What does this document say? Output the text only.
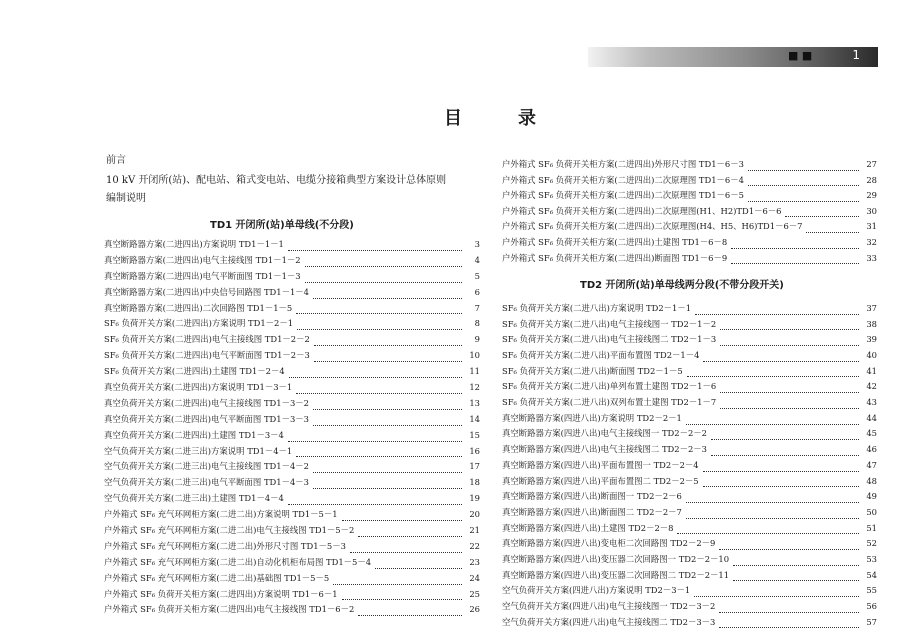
■ ■	1
目	录
前言
10 kV 开闭所(站)、配电站、箱式变电站、电缆分接箱典型方案设计总体原则
编制说明
TD1 开闭所(站)单母线(不分段)
TD2 开闭所(站)单母线两分段(不带分段开关)
真空断路器方案(二进四出)方案说明 TD1－1－1	3
真空断路器方案(二进四出)电气主接线图 TD1－1－2	4
真空断路器方案(二进四出)电气平断面图 TD1－1－3	5
真空断路器方案(二进四出)中央信号回路图 TD1－1－4	6
真空断路器方案(二进四出)二次回路图 TD1－1－5	7
SF₆ 负荷开关方案(二进四出)方案说明 TD1－2－1	8
SF₆ 负荷开关方案(二进四出)电气主接线图 TD1－2－2	9
SF₆ 负荷开关方案(二进四出)电气平断面图 TD1－2－3	10
SF₆ 负荷开关方案(二进四出)土建图 TD1－2－4	11
真空负荷开关方案(二进四出)方案说明 TD1－3－1	12
真空负荷开关方案(二进四出)电气主接线图 TD1－3－2	13
真空负荷开关方案(二进四出)电气平断面图 TD1－3－3	14
真空负荷开关方案(二进四出)土建图 TD1－3－4	15
空气负荷开关方案(二进三出)方案说明 TD1－4－1	16
空气负荷开关方案(二进三出)电气主接线图 TD1－4－2	17
空气负荷开关方案(二进三出)电气平断面图 TD1－4－3	18
空气负荷开关方案(二进三出)土建图 TD1－4－4	19
户外箱式 SF₆ 充气环网柜方案(二进二出)方案说明 TD1－5－1	20
户外箱式 SF₆ 充气环网柜方案(二进二出)电气主接线图 TD1－5－2	21
户外箱式 SF₆ 充气环网柜方案(二进二出)外形尺寸图 TD1－5－3	22
户外箱式 SF₆ 充气环网柜方案(二进二出)自动化机柜布局图 TD1－5－4	23
户外箱式 SF₆ 充气环网柜方案(二进二出)基础图 TD1－5－5	24
户外箱式 SF₆ 负荷开关柜方案(二进四出)方案说明 TD1－6－1	25
户外箱式 SF₆ 负荷开关柜方案(二进四出)电气主接线图 TD1－6－2	26
户外箱式 SF₆ 负荷开关柜方案(二进四出)外形尺寸图 TD1－6－3	27
户外箱式 SF₆ 负荷开关柜方案(二进四出)二次原理图 TD1－6－4	28
户外箱式 SF₆ 负荷开关柜方案(二进四出)二次原理图 TD1－6－5	29
户外箱式 SF₆ 负荷开关柜方案(二进四出)二次原理图(H1、H2)TD1－6－6	30
户外箱式 SF₆ 负荷开关柜方案(二进四出)二次原理图(H4、H5、H6)TD1－6－7	31
户外箱式 SF₆ 负荷开关柜方案(二进四出)土建图 TD1－6－8	32
户外箱式 SF₆ 负荷开关柜方案(二进四出)断面图 TD1－6－9	33
SF₆ 负荷开关方案(二进八出)方案说明 TD2－1－1	37
SF₆ 负荷开关方案(二进八出)电气主接线图一 TD2－1－2	38
SF₆ 负荷开关方案(二进八出)电气主接线图二 TD2－1－3	39
SF₆ 负荷开关方案(二进八出)平面布置图 TD2－1－4	40
SF₆ 负荷开关方案(二进八出)断面图 TD2－1－5	41
SF₆ 负荷开关方案(二进八出)单列布置土建图 TD2－1－6	42
SF₆ 负荷开关方案(二进八出)双列布置土建图 TD2－1－7	43
真空断路器方案(四进八出)方案说明 TD2－2－1	44
真空断路器方案(四进八出)电气主接线图一 TD2－2－2	45
真空断路器方案(四进八出)电气主接线图二 TD2－2－3	46
真空断路器方案(四进八出)平面布置图一 TD2－2－4	47
真空断路器方案(四进八出)平面布置图二 TD2－2－5	48
真空断路器方案(四进八出)断面图一 TD2－2－6	49
真空断路器方案(四进八出)断面图二 TD2－2－7	50
真空断路器方案(四进八出)土建图 TD2－2－8	51
真空断路器方案(四进八出)变电柜二次回路图 TD2－2－9	52
真空断路器方案(四进八出)变压器二次回路图一 TD2－2－10	53
真空断路器方案(四进八出)变压器二次回路图二 TD2－2－11	54
空气负荷开关方案(四进八出)方案说明 TD2－3－1	55
空气负荷开关方案(四进八出)电气主接线图一 TD2－3－2	56
空气负荷开关方案(四进八出)电气主接线图二 TD2－3－3	57
